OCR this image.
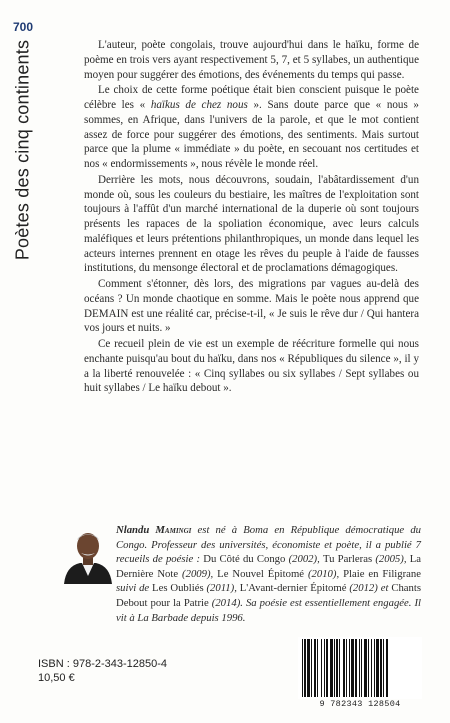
700
Poètes des cinq continents	L'auteur, poète congolais, trouve aujourd'hui dans le haïku, forme de poème en trois vers ayant respectivement 5, 7, et 5 syllabes, un authentique moyen pour suggérer des émotions, des événements du temps qui passe.

Le choix de cette forme poétique était bien conscient puisque le poète célèbre les « haïkus de chez nous ». Sans doute parce que « nous » sommes, en Afrique, dans l'univers de la parole, et que le mot contient assez de force pour suggérer des émotions, des sentiments. Mais surtout parce que la plume « immédiate » du poète, en secouant nos certitudes et nos « endormissements », nous révèle le monde réel.

Derrière les mots, nous découvrons, soudain, l'abâtardissement d'un monde où, sous les couleurs du bestiaire, les maîtres de l'exploitation sont toujours à l'affût d'un marché international de la duperie où sont toujours présents les rapaces de la spoliation économique, avec leurs calculs maléfiques et leurs prétentions philanthropiques, un monde dans lequel les acteurs internes prennent en otage les rêves du peuple à l'aide de fausses institutions, du mensonge électoral et de proclamations démagogiques.

Comment s'étonner, dès lors, des migrations par vagues au-delà des océans ? Un monde chaotique en somme. Mais le poète nous apprend que DEMAIN est une réalité car, précise-t-il, « Je suis le rêve dur / Qui hantera vos jours et nuits. »

Ce recueil plein de vie est un exemple de réécriture formelle qui nous enchante puisqu'au bout du haïku, dans nos « Républiques du silence », il y a la liberté renouvelée : « Cinq syllabes ou six syllabes / Sept syllabes ou huit syllabes / Le haïku debout ».

Nlandu Mamingi est né à Boma en République démocratique du Congo. Professeur des universités, économiste et poète, il a publié 7 recueils de poésie : Du Côté du Congo (2002), Tu Parleras (2005), La Dernière Note (2009), Le Nouvel Épitomé (2010), Plaie en Filigrane suivi de Les Oubliés (2011), L'Avant-dernier Épitomé (2012) et Chants Debout pour la Patrie (2014). Sa poésie est essentiellement engagée. Il vit à La Barbade depuis 1996.
ISBN : 978-2-343-12850-4
10,50 €
9 782343 128504
